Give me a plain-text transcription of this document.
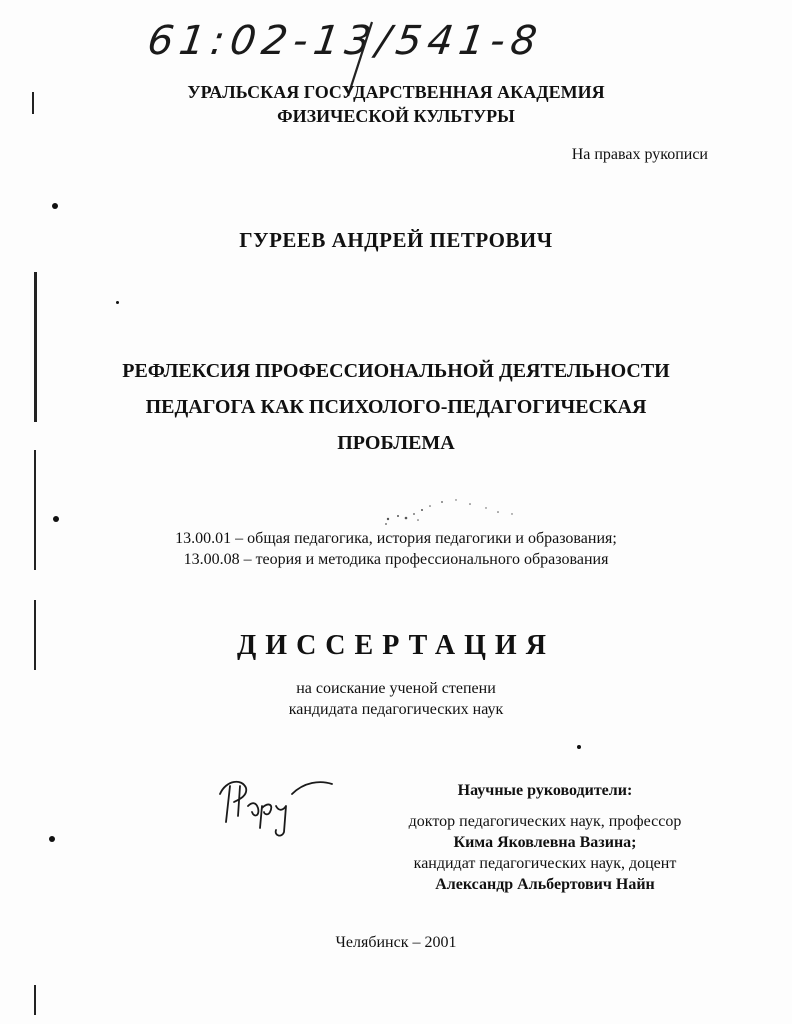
61:02-13/541-8
УРАЛЬСКАЯ ГОСУДАРСТВЕННАЯ АКАДЕМИЯ
ФИЗИЧЕСКОЙ КУЛЬТУРЫ
На правах рукописи
ГУРЕЕВ АНДРЕЙ ПЕТРОВИЧ
РЕФЛЕКСИЯ ПРОФЕССИОНАЛЬНОЙ ДЕЯТЕЛЬНОСТИ
ПЕДАГОГА КАК ПСИХОЛОГО-ПЕДАГОГИЧЕСКАЯ
ПРОБЛЕМА
13.00.01 – общая педагогика, история педагогики и образования;
13.00.08 – теория и методика профессионального образования
ДИССЕРТАЦИЯ
на соискание ученой степени
кандидата педагогических наук
Научные руководители:
доктор педагогических наук, профессор
Кима Яковлевна Вазина;
кандидат педагогических наук, доцент
Александр Альбертович Найн
Челябинск – 2001
